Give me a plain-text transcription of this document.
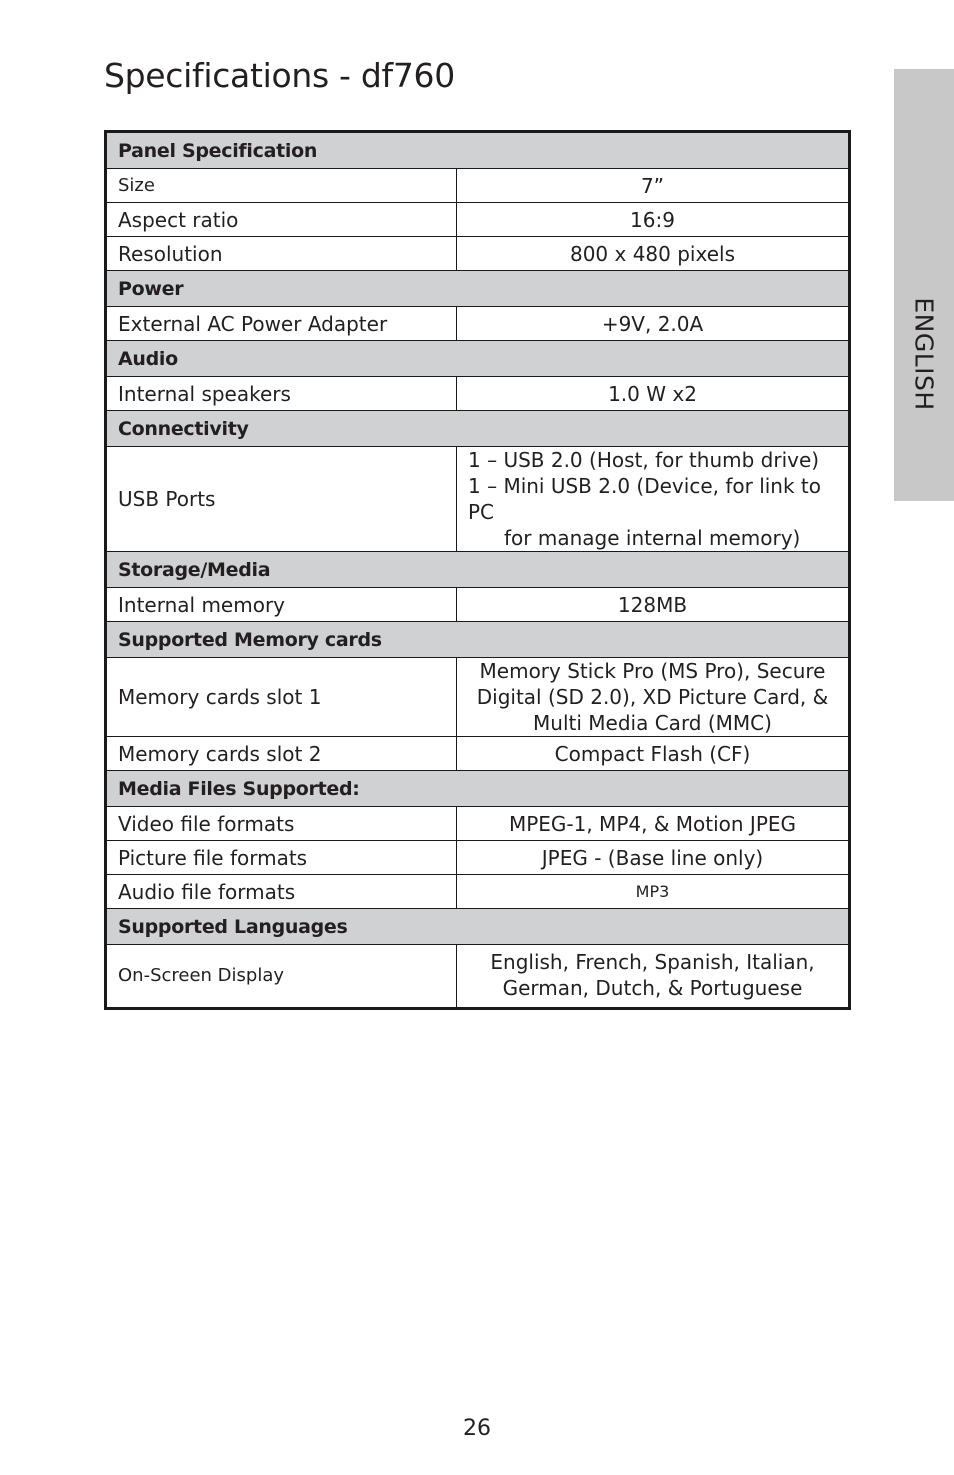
Specifications - df760
ENGLISH
Panel Specification	
Size	7”
Aspect ratio	16:9
Resolution	800 x 480 pixels
Power	
External AC Power Adapter	+9V, 2.0A
Audio	
Internal speakers	1.0 W x2
Connectivity	
USB Ports	1 – USB 2.0 (Host, for thumb drive)
1 – Mini USB 2.0 (Device, for link to PC
for manage internal memory)

Storage/Media	
Internal memory	128MB
Supported Memory cards	
Memory cards slot 1	Memory Stick Pro (MS Pro), Secure
Digital (SD 2.0), XD Picture Card, &
Multi Media Card (MMC)

Memory cards slot 2	Compact Flash (CF)
Media Files Supported:	
Video file formats	MPEG-1, MP4, & Motion JPEG
Picture file formats	JPEG - (Base line only)
Audio file formats	MP3
Supported Languages	
On-Screen Display	English, French, Spanish, Italian,
German, Dutch, & Portuguese
26
